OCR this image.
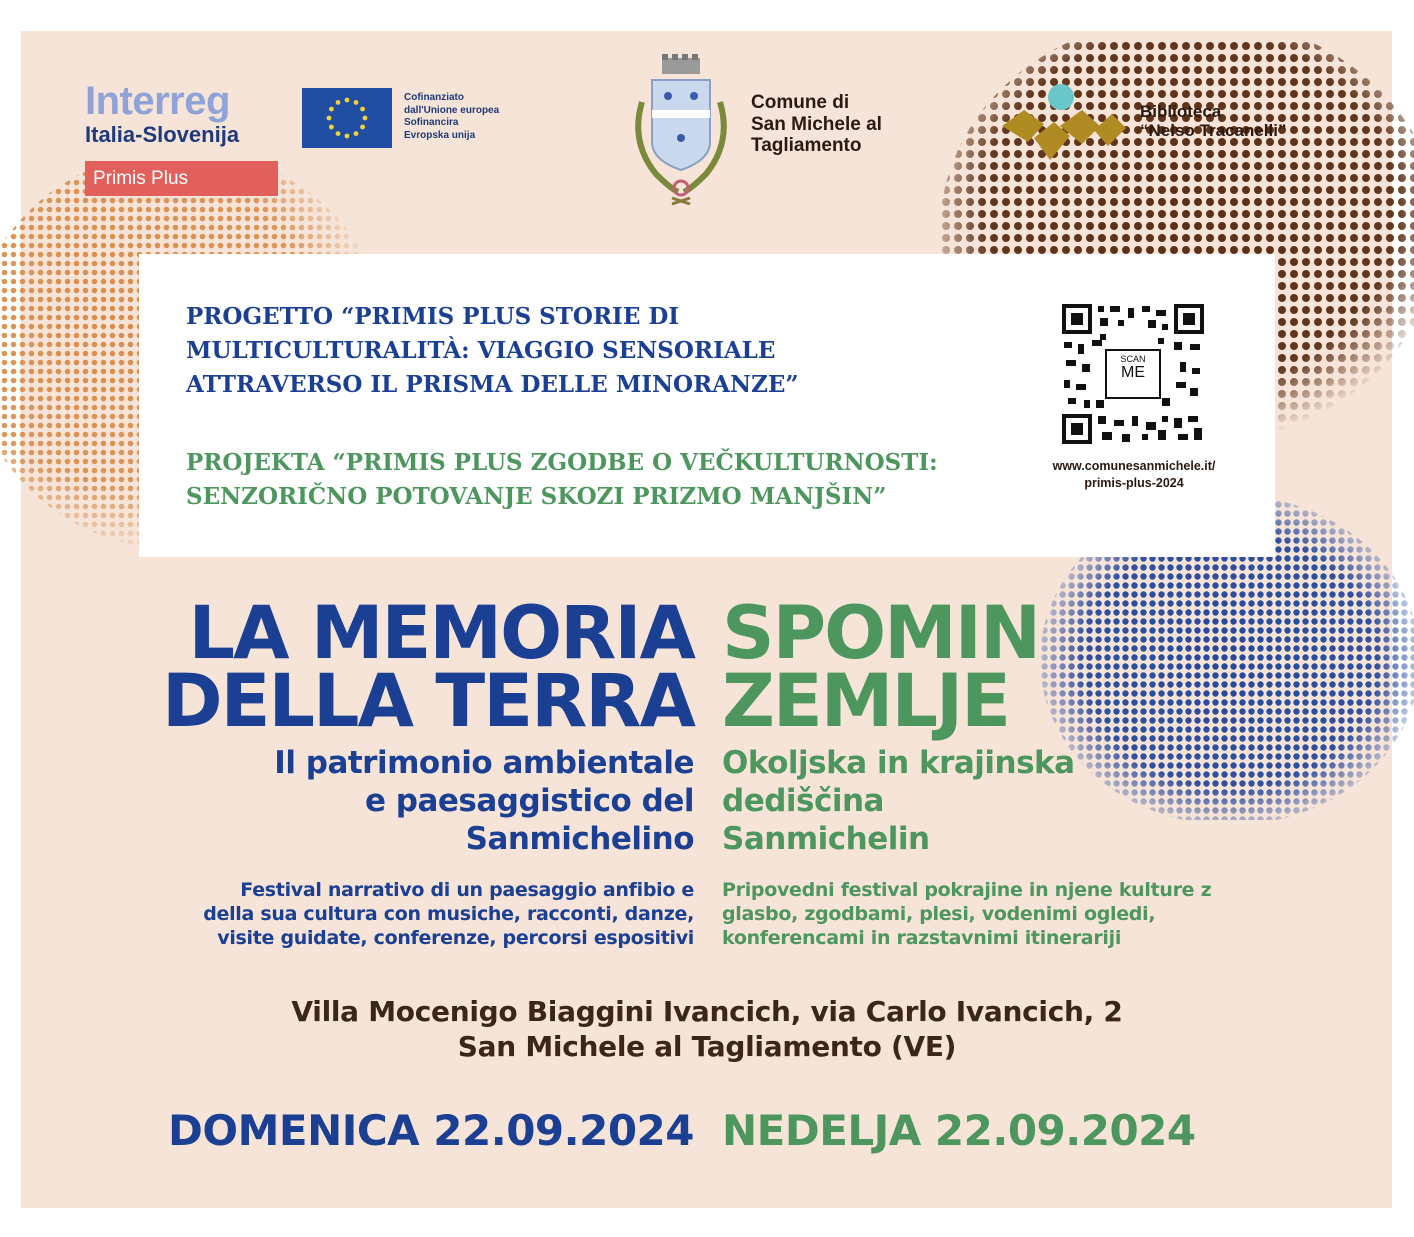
Interreg
Italia-Slovenija
Primis Plus
Cofinanziato
dall'Unione europea
Sofinancira
Evropska unija
Comune di
San Michele al
Tagliamento
Biblioteca
“Nelso Tracanelli”
PROGETTO “PRIMIS PLUS STORIE DI
MULTICULTURALITÀ: VIAGGIO SENSORIALE
ATTRAVERSO IL PRISMA DELLE MINORANZE”
PROJEKTA “PRIMIS PLUS ZGODBE O VEČKULTURNOSTI:
SENZORIČNO POTOVANJE SKOZI PRIZMO MANJŠIN”
SCAN
ME
www.comunesanmichele.it/
primis-plus-2024
LA MEMORIA
DELLA TERRA
SPOMIN
ZEMLJE
Il patrimonio ambientale
e paesaggistico del
Sanmichelino
Okoljska in krajinska
dediščina
Sanmichelin
Festival narrativo di un paesaggio anfibio e
della sua cultura con musiche, racconti, danze,
visite guidate, conferenze, percorsi espositivi
Pripovedni festival pokrajine in njene kulture z
glasbo, zgodbami, plesi, vodenimi ogledi,
konferencami in razstavnimi itinerariji
Villa Mocenigo Biaggini Ivancich, via Carlo Ivancich, 2
San Michele al Tagliamento (VE)
DOMENICA 22.09.2024 NEDELJA 22.09.2024
